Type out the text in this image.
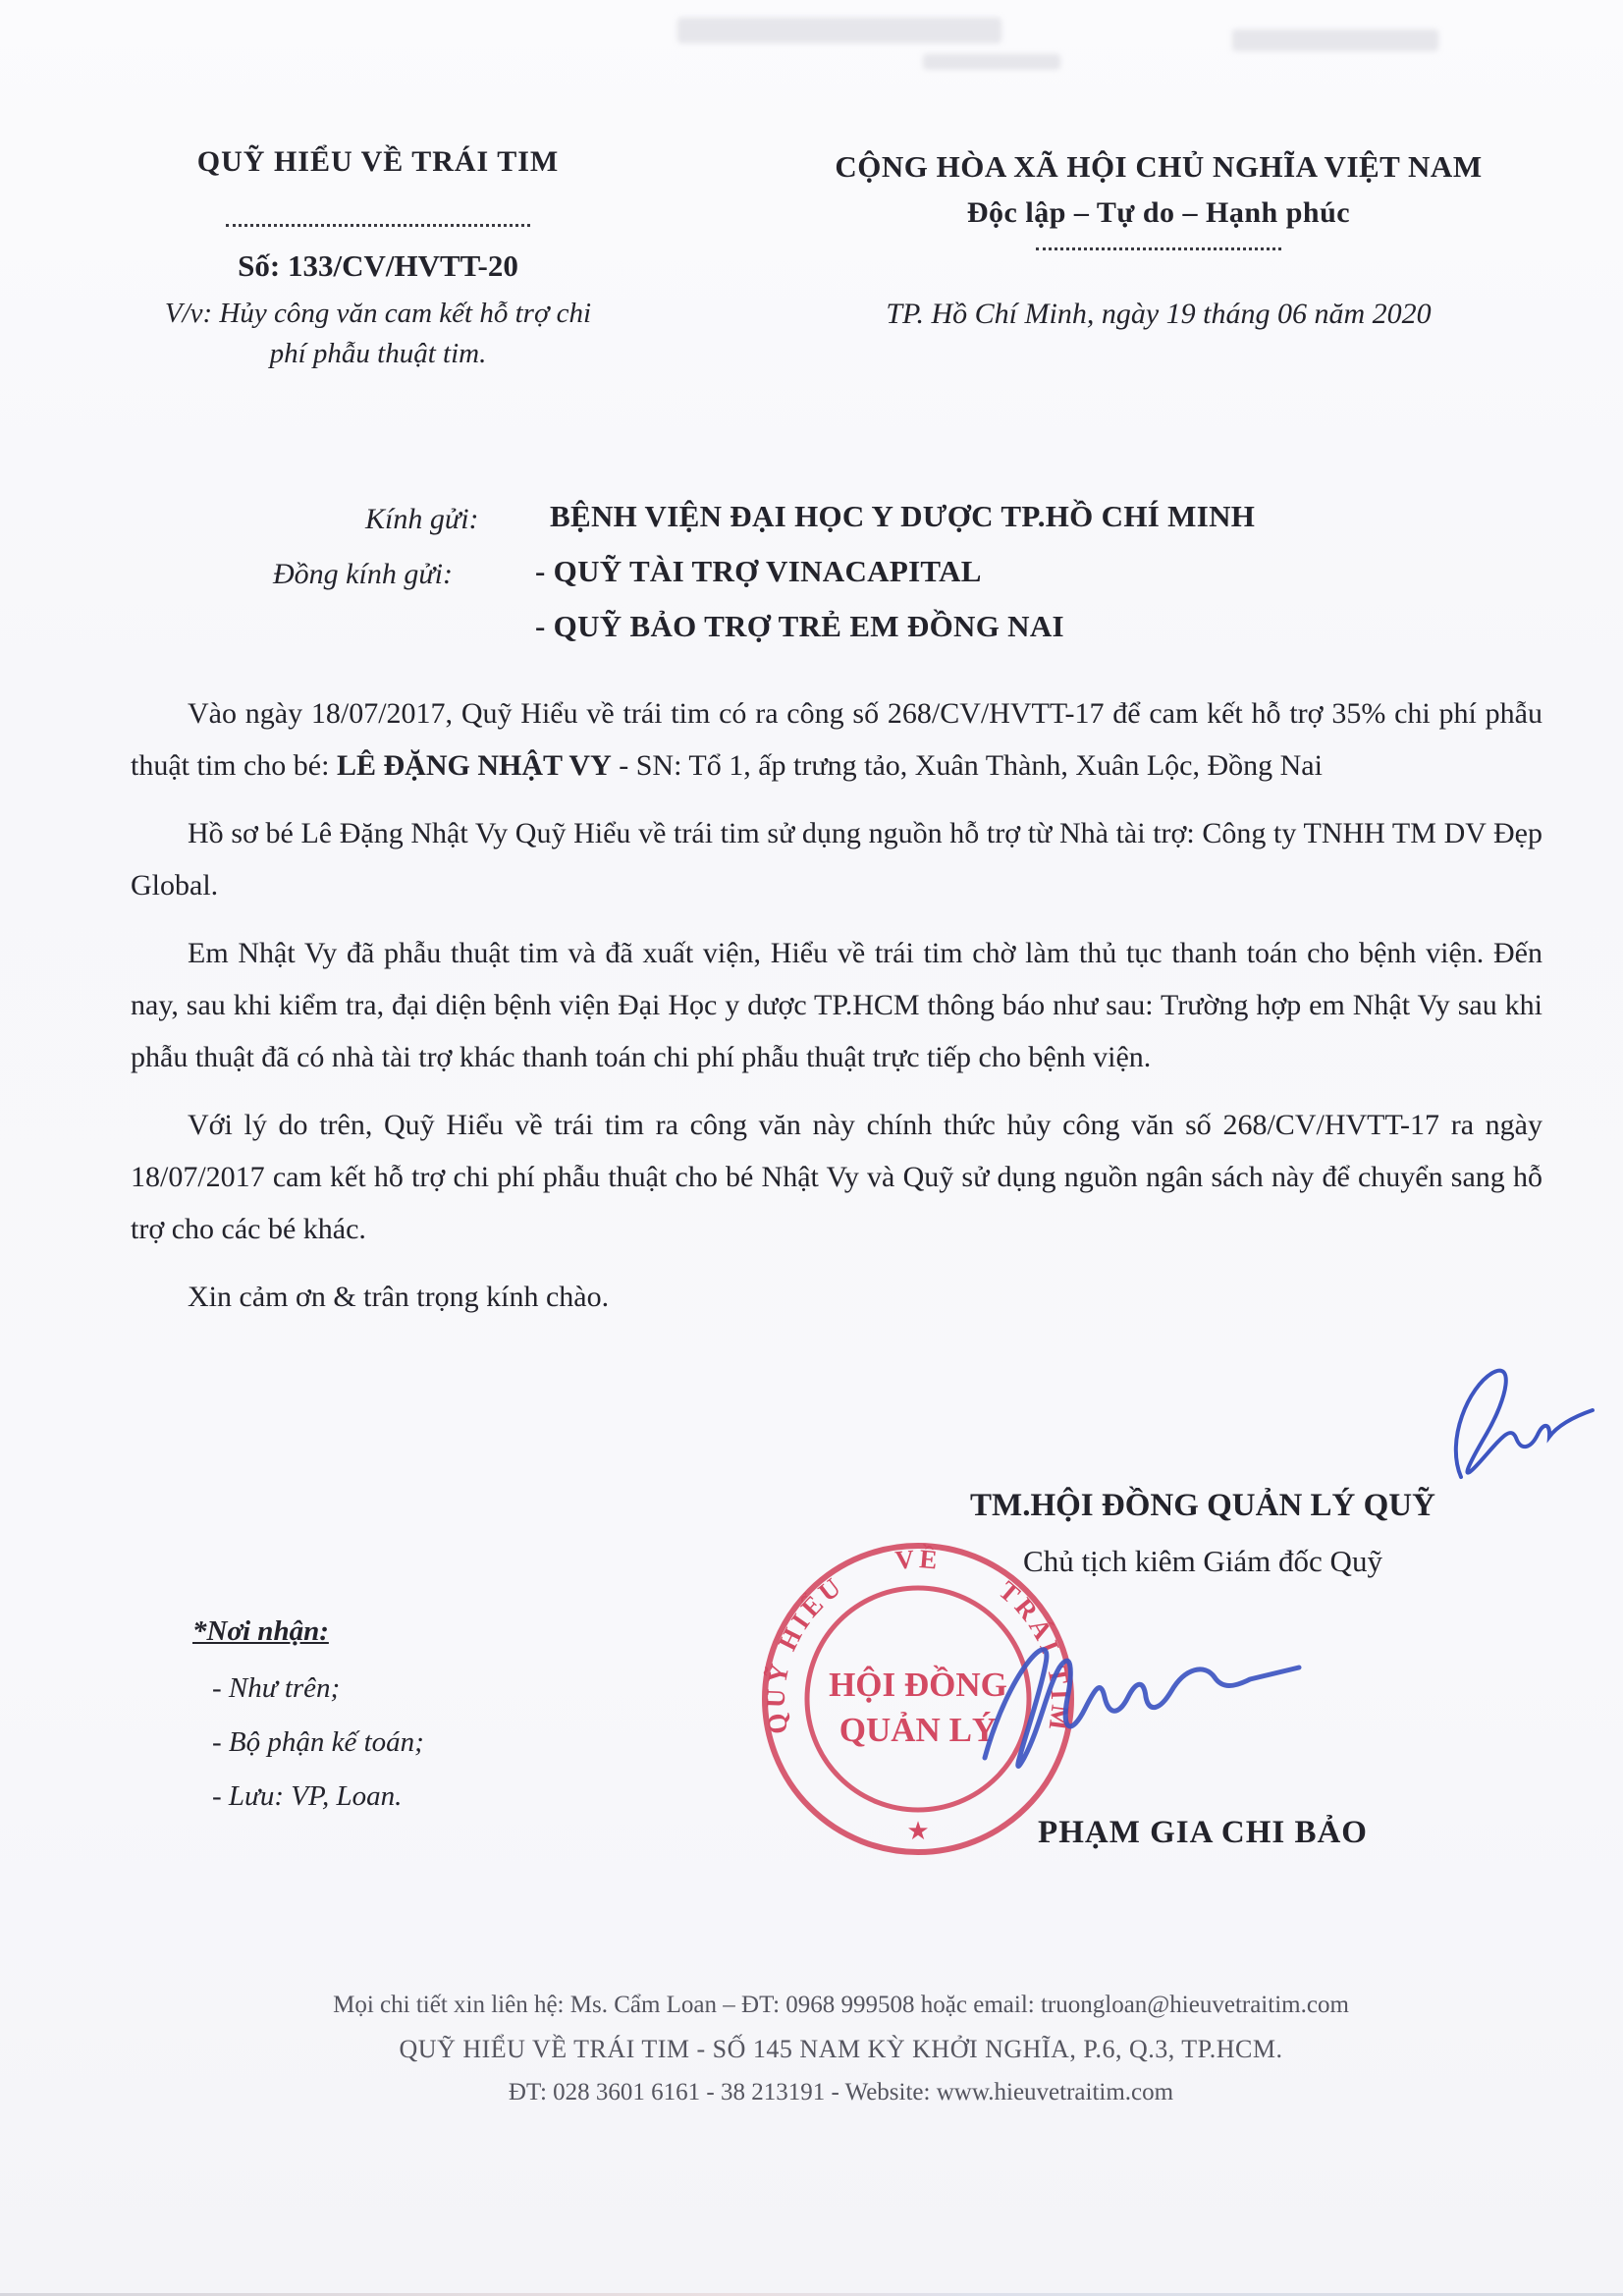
QUỸ HIỂU VỀ TRÁI TIM
Số: 133/CV/HVTT-20
V/v: Hủy công văn cam kết hỗ trợ chi
phí phẫu thuật tim.
CỘNG HÒA XÃ HỘI CHỦ NGHĨA VIỆT NAM
Độc lập – Tự do – Hạnh phúc
TP. Hồ Chí Minh, ngày 19 tháng 06 năm 2020
Kính gửi: BỆNH VIỆN ĐẠI HỌC Y DƯỢC TP.HỒ CHÍ MINH
Đồng kính gửi:	- QUỸ TÀI TRỢ VINACAPITAL
- QUỸ BẢO TRỢ TRẺ EM ĐỒNG NAI

Vào ngày 18/07/2017, Quỹ Hiểu về trái tim có ra công số 268/CV/HVTT-17 để cam kết hỗ trợ 35% chi phí phẫu thuật tim cho bé: LÊ ĐẶNG NHẬT VY - SN: Tổ 1, ấp trưng tảo, Xuân Thành, Xuân Lộc, Đồng Nai

Hồ sơ bé Lê Đặng Nhật Vy Quỹ Hiểu về trái tim sử dụng nguồn hỗ trợ từ Nhà tài trợ: Công ty TNHH TM DV Đẹp Global.

Em Nhật Vy đã phẫu thuật tim và đã xuất viện, Hiểu về trái tim chờ làm thủ tục thanh toán cho bệnh viện. Đến nay, sau khi kiểm tra, đại diện bệnh viện Đại Học y dược TP.HCM thông báo như sau: Trường hợp em Nhật Vy sau khi phẫu thuật đã có nhà tài trợ khác thanh toán chi phí phẫu thuật trực tiếp cho bệnh viện.

Với lý do trên, Quỹ Hiểu về trái tim ra công văn này chính thức hủy công văn số 268/CV/HVTT-17 ra ngày 18/07/2017 cam kết hỗ trợ chi phí phẫu thuật cho bé Nhật Vy và Quỹ sử dụng nguồn ngân sách này để chuyển sang hỗ trợ cho các bé khác.

Xin cảm ơn & trân trọng kính chào.

TM.HỘI ĐỒNG QUẢN LÝ QUỸ
Chủ tịch kiêm Giám đốc Quỹ
PHẠM GIA CHI BẢO
QUỸ HIỂU
VỀ
TRÁI TIM
HỘI ĐỒNG
QUẢN LÝ
★
*Nơi nhận:
- Như trên;
- Bộ phận kế toán;
- Lưu: VP, Loan.
Mọi chi tiết xin liên hệ: Ms. Cẩm Loan – ĐT: 0968 999508 hoặc email: truongloan@hieuvetraitim.com
QUỸ HIỂU VỀ TRÁI TIM - SỐ 145 NAM KỲ KHỞI NGHĨA, P.6, Q.3, TP.HCM.
ĐT: 028 3601 6161 - 38 213191 - Website: www.hieuvetraitim.com
